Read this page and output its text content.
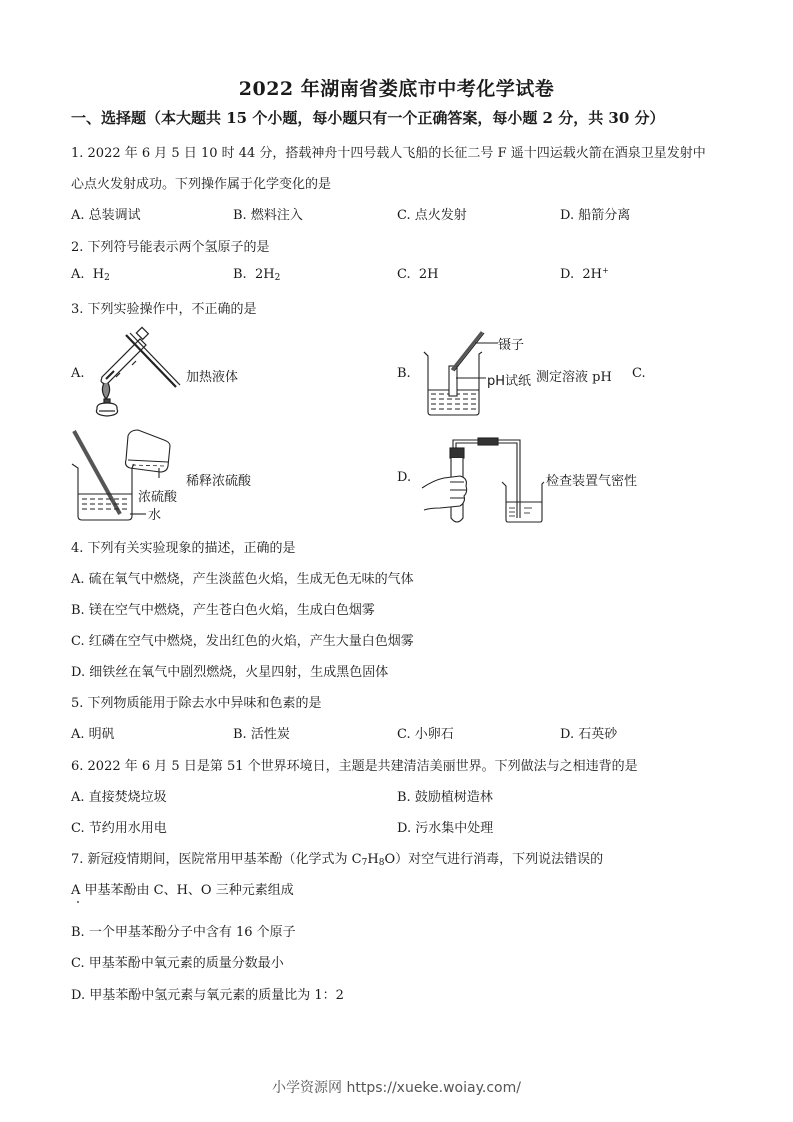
2022 年湖南省娄底市中考化学试卷
一、选择题（本大题共 15 个小题，每小题只有一个正确答案，每小题 2 分，共 30 分）
1. 2022 年 6 月 5 日 10 时 44 分，搭载神舟十四号载人飞船的长征二号 F 遥十四运载火箭在酒泉卫星发射中
心点火发射成功。下列操作属于化学变化的是
A. 总装调试	B. 燃料注入	C. 点火发射	D. 船箭分离
2. 下列符号能表示两个氢原子的是
A. $H_2$	B. $2H_2$	C. 2H	D. 2H+
3. 下列实验操作中，不正确的是
A.	加热液体	B.
镊子
pH试纸 测定溶液 pH C.
浓硫酸
水
稀释浓硫酸	D.	检查装置气密性
4. 下列有关实验现象的描述，正确的是
A. 硫在氧气中燃烧，产生淡蓝色火焰，生成无色无味的气体
B. 镁在空气中燃烧，产生苍白色火焰，生成白色烟雾
C. 红磷在空气中燃烧，发出红色的火焰，产生大量白色烟雾
D. 细铁丝在氧气中剧烈燃烧，火星四射，生成黑色固体
5. 下列物质能用于除去水中异味和色素的是
A. 明矾	B. 活性炭	C. 小卵石	D. 石英砂
6. 2022 年 6 月 5 日是第 51 个世界环境日，主题是共建清洁美丽世界。下列做法与之相违背的是
A. 直接焚烧垃圾	B. 鼓励植树造林
C. 节约用水用电	D. 污水集中处理
7. 新冠疫情期间，医院常用甲基苯酚（化学式为 $C_7H_8O$）对空气进行消毒，下列说法错误的
A 甲基苯酚由 C、H、O 三种元素组成
B. 一个甲基苯酚分子中含有 16 个原子
C. 甲基苯酚中氧元素的质量分数最小
D. 甲基苯酚中氢元素与氧元素的质量比为 1：2
小学资源网 https://xueke.woiay.com/
